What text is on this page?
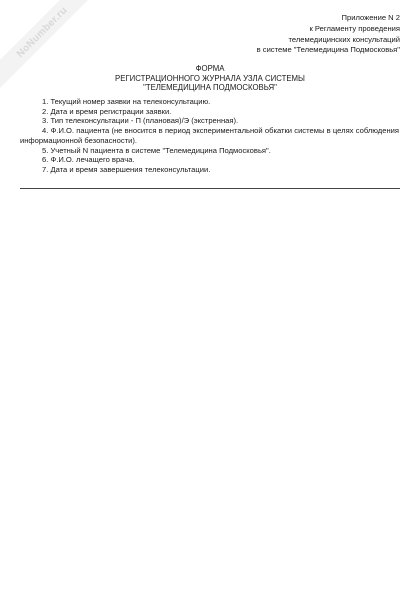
NoNumber.ru	Приложение N 2
к Регламенту проведения
телемедицинских консультаций
в системе "Телемедицина Подмосковья"
ФОРМА
РЕГИСТРАЦИОННОГО ЖУРНАЛА УЗЛА СИСТЕМЫ
"ТЕЛЕМЕДИЦИНА ПОДМОСКОВЬЯ"
1. Текущий номер заявки на телеконсультацию.
2. Дата и время регистрации заявки.
3. Тип телеконсультации - П (плановая)/Э (экстренная).
4. Ф.И.О. пациента (не вносится в период экспериментальной обкатки системы в целях соблюдения информационной безопасности).
5. Учетный N пациента в системе "Телемедицина Подмосковья".
6. Ф.И.О. лечащего врача.
7. Дата и время завершения телеконсультации.
